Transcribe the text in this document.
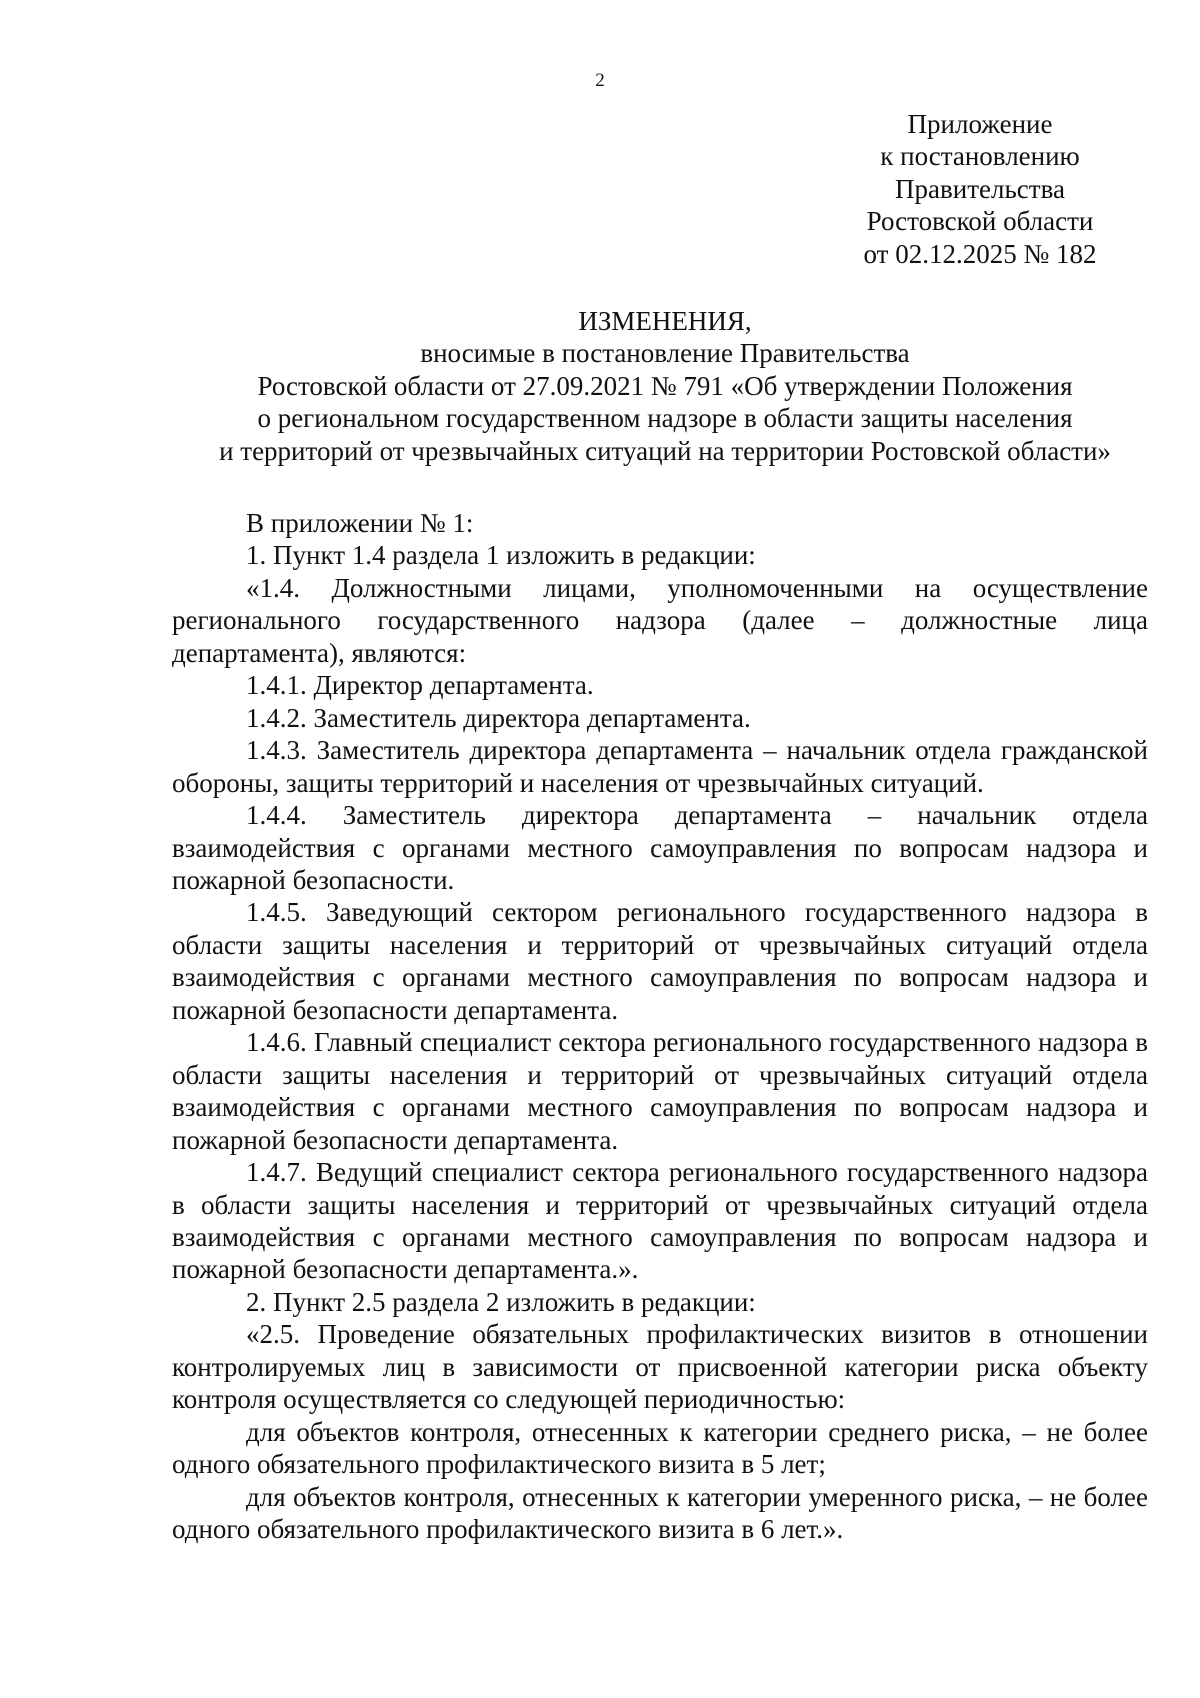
2
Приложение
к постановлению
Правительства
Ростовской области
от 02.12.2025 № 182
ИЗМЕНЕНИЯ,
вносимые в постановление Правительства
Ростовской области от 27.09.2021 № 791 «Об утверждении Положения
о региональном государственном надзоре в области защиты населения
и территорий от чрезвычайных ситуаций на территории Ростовской области»

В приложении № 1:

1. Пункт 1.4 раздела 1 изложить в редакции:

«1.4. Должностными лицами, уполномоченными на осуществление регионального государственного надзора (далее – должностные лица департамента), являются:

1.4.1. Директор департамента.

1.4.2. Заместитель директора департамента.

1.4.3. Заместитель директора департамента – начальник отдела гражданской обороны, защиты территорий и населения от чрезвычайных ситуаций.

1.4.4. Заместитель директора департамента – начальник отдела взаимодействия с органами местного самоуправления по вопросам надзора и пожарной безопасности.

1.4.5. Заведующий сектором регионального государственного надзора в области защиты населения и территорий от чрезвычайных ситуаций отдела взаимодействия с органами местного самоуправления по вопросам надзора и пожарной безопасности департамента.

1.4.6. Главный специалист сектора регионального государственного надзора в области защиты населения и территорий от чрезвычайных ситуаций отдела взаимодействия с органами местного самоуправления по вопросам надзора и пожарной безопасности департамента.

1.4.7. Ведущий специалист сектора регионального государственного надзора в области защиты населения и территорий от чрезвычайных ситуаций отдела взаимодействия с органами местного самоуправления по вопросам надзора и пожарной безопасности департамента.».

2. Пункт 2.5 раздела 2 изложить в редакции:

«2.5. Проведение обязательных профилактических визитов в отношении контролируемых лиц в зависимости от присвоенной категории риска объекту контроля осуществляется со следующей периодичностью:

для объектов контроля, отнесенных к категории среднего риска, – не более одного обязательного профилактического визита в 5 лет;

для объектов контроля, отнесенных к категории умеренного риска, – не более одного обязательного профилактического визита в 6 лет.».
